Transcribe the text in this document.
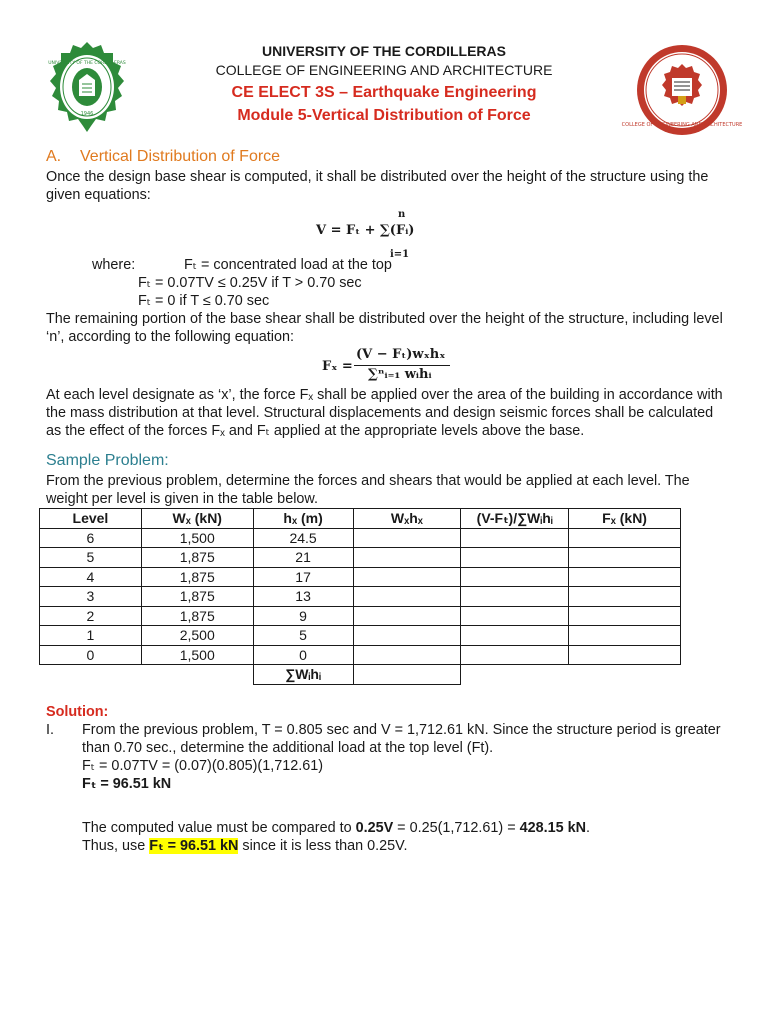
UNIVERSITY OF THE CORDILLERAS
COLLEGE OF ENGINEERING AND ARCHITECTURE
CE ELECT 3S – Earthquake Engineering
Module 5-Vertical Distribution of Force
UNIVERSITY OF THE CORDILLERAS
1946
COLLEGE OF ENGINEERING AND ARCHITECTURE
A. Vertical Distribution of Force

Once the design base shear is computed, it shall be distributed over the height of the structure using the given equations:

n
V = Fₜ + ∑(Fᵢ)
i=1
where:	Fₜ = concentrated load at the top
Fₜ = 0.07TV ≤ 0.25V if T > 0.70 sec
Fₜ = 0 if T ≤ 0.70 sec

The remaining portion of the base shear shall be distributed over the height of the structure, including level ‘n’, according to the following equation:

Fₓ =
(V − Fₜ)wₓhₓ
∑ⁿᵢ₌₁ wᵢhᵢ

At each level designate as ‘x’, the force Fₓ shall be applied over the area of the building in accordance with the mass distribution at that level. Structural displacements and design seismic forces shall be calculated as the effect of the forces Fₓ and Fₜ applied at the appropriate levels above the base.

Sample Problem:

From the previous problem, determine the forces and shears that would be applied at each level. The weight per level is given in the table below.

Level	Wₓ (kN)	hₓ (m)	Wₓhₓ	(V-Fₜ)/∑Wᵢhᵢ	Fₓ (kN)
6	1,500	24.5			
5	1,875	21			
4	1,875	17			
3	1,875	13			
2	1,875	9			
1	2,500	5			
0	1,500	0			
		∑Wᵢhᵢ			
Solution:
I. From the previous problem, T = 0.805 sec and V = 1,712.61 kN. Since the structure period is greater than 0.70 sec., determine the additional load at the top level (Ft).
Fₜ = 0.07TV = (0.07)(0.805)(1,712.61)
Fₜ = 96.51 kN
The computed value must be compared to 0.25V = 0.25(1,712.61) = 428.15 kN.
Thus, use Fₜ = 96.51 kN since it is less than 0.25V.
